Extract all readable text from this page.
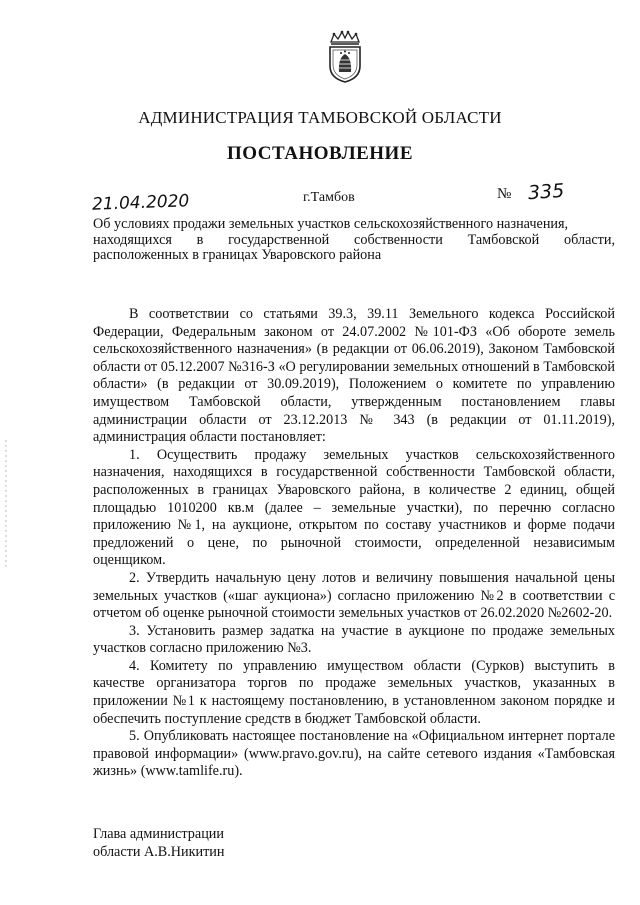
АДМИНИСТРАЦИЯ ТАМБОВСКОЙ ОБЛАСТИ
ПОСТАНОВЛЕНИЕ
21.04.2020	г.Тамбов	№ 335
Об условиях продажи земельных участков сельскохозяйственного назначения,
находящихся в государственной собственности Тамбовской области,
расположенных в границах Уваровского района

В соответствии со статьями 39.3, 39.11 Земельного кодекса Российской Федерации, Федеральным законом от 24.07.2002 №101-ФЗ «Об обороте земель сельскохозяйственного назначения» (в редакции от 06.06.2019), Законом Тамбовской области от 05.12.2007 №316-З «О регулировании земельных отношений в Тамбовской области» (в редакции от 30.09.2019), Положением о комитете по управлению имуществом Тамбовской области, утвержденным постановлением главы администрации области от 23.12.2013 № 343 (в редакции от 01.11.2019), администрация области постановляет:

1. Осуществить продажу земельных участков сельскохозяйственного назначения, находящихся в государственной собственности Тамбовской области, расположенных в границах Уваровского района, в количестве 2 единиц, общей площадью 1010200 кв.м (далее – земельные участки), по перечню согласно приложению №1, на аукционе, открытом по составу участников и форме подачи предложений о цене, по рыночной стоимости, определенной независимым оценщиком.

2. Утвердить начальную цену лотов и величину повышения начальной цены земельных участков («шаг аукциона») согласно приложению №2 в соответствии с отчетом об оценке рыночной стоимости земельных участков от 26.02.2020 №2602-20.

3. Установить размер задатка на участие в аукционе по продаже земельных участков согласно приложению №3.

4. Комитету по управлению имуществом области (Сурков) выступить в качестве организатора торгов по продаже земельных участков, указанных в приложении №1 к настоящему постановлению, в установленном законом порядке и обеспечить поступление средств в бюджет Тамбовской области.

5. Опубликовать настоящее постановление на «Официальном интернет портале правовой информации» (www.pravo.gov.ru), на сайте сетевого издания «Тамбовская жизнь» (www.tamlife.ru).

Глава администрации
области А.В.Никитин
